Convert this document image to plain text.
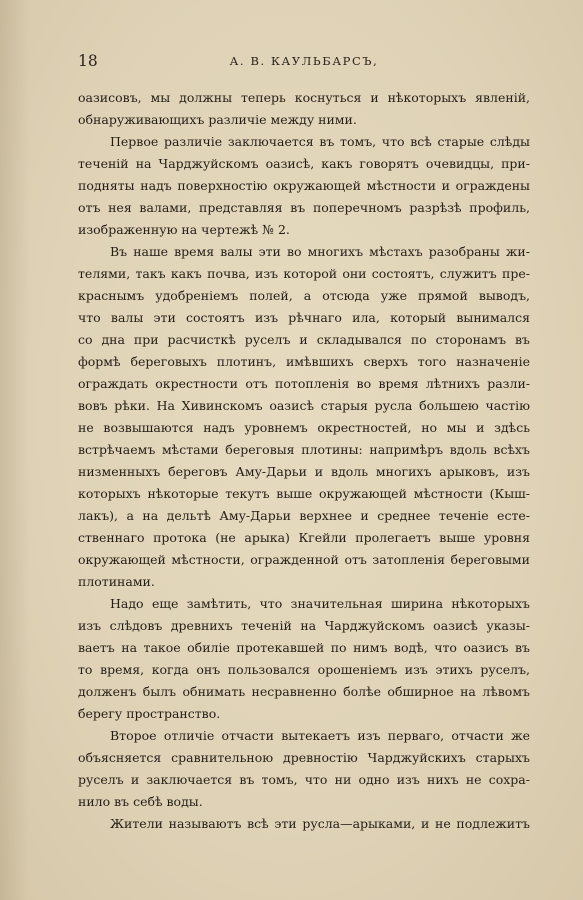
18	А. В. КАУЛЬБАРСЪ,
оазисовъ, мы должны теперь коснуться и нѣкоторыхъ явленій,
обнаруживающихъ различіе между ними.
Первое различіе заключается въ томъ, что всѣ старые слѣды
теченій на Чарджуйскомъ оазисѣ, какъ говорятъ очевидцы, при-
подняты надъ поверхностію окружающей мѣстности и ограждены
отъ нея валами, представляя въ поперечномъ разрѣзѣ профиль,
изображенную на чертежѣ № 2.
Въ наше время валы эти во многихъ мѣстахъ разобраны жи-
телями, такъ какъ почва, изъ которой они состоятъ, служитъ пре-
краснымъ удобреніемъ полей, а отсюда уже прямой выводъ,
что валы эти состоятъ изъ рѣчнаго ила, который вынимался
со дна при расчисткѣ руселъ и складывался по сторонамъ въ
формѣ береговыхъ плотинъ, имѣвшихъ сверхъ того назначеніе
ограждать окрестности отъ потопленія во время лѣтнихъ разли-
вовъ рѣки. На Хивинскомъ оазисѣ старыя русла большею частію
не возвышаются надъ уровнемъ окрестностей, но мы и здѣсь
встрѣчаемъ мѣстами береговыя плотины: напримѣръ вдоль всѣхъ
низменныхъ береговъ Аму-Дарьи и вдоль многихъ арыковъ, изъ
которыхъ нѣкоторые текутъ выше окружающей мѣстности (Кыш-
лакъ), а на дельтѣ Аму-Дарьи верхнее и среднее теченіе есте-
ственнаго протока (не арыка) Кгейли пролегаетъ выше уровня
окружающей мѣстности, огражденной отъ затопленія береговыми
плотинами.
Надо еще замѣтить, что значительная ширина нѣкоторыхъ
изъ слѣдовъ древнихъ теченій на Чарджуйскомъ оазисѣ указы-
ваетъ на такое обиліе протекавшей по нимъ водѣ, что оазисъ въ
то время, когда онъ пользовался орошеніемъ изъ этихъ руселъ,
долженъ былъ обнимать несравненно болѣе обширное на лѣвомъ
берегу пространство.
Второе отличіе отчасти вытекаетъ изъ перваго, отчасти же
объясняется сравнительною древностію Чарджуйскихъ старыхъ
руселъ и заключается въ томъ, что ни одно изъ нихъ не сохра-
нило въ себѣ воды.
Жители называютъ всѣ эти русла—арыками, и не подлежитъ
